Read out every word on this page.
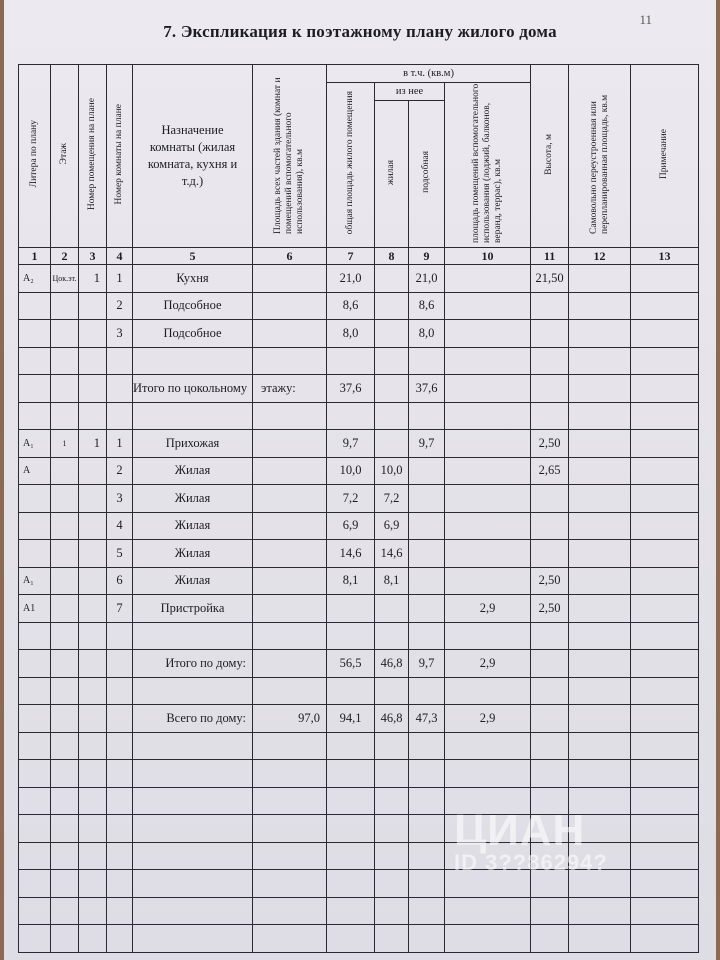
11
7. Экспликация к поэтажному плану жилого дома
Литера по плану	Этаж	Номер помещения на плане	Номер комнаты на плане	Назначение комнаты (жилая комната, кухня и т.д.)	Площадь всех частей здания (комнат и помещений вспомогательного использования), кв.м	в т.ч. (кв.м)				Высота, м	Самовольно переустроенная или перепланированная площадь, кв.м	Примечание
						общая площадь жилого помещения	из нее		площадь помещений вспомогательного использования (лоджий, балконов, веранд, террас), кв.м			
							жилая	подсобная				
1	2	3	4	5	6	7	8	9	10	11	12	13
А₂	Цок.эт.	1	1	Кухня		21,0		21,0		21,50		
			2	Подсобное		8,6		8,6				
			3	Подсобное		8,0		8,0				

				Итого по цокольному	этажу:	37,6		37,6				

А₁	1	1	1	Прихожая		9,7		9,7		2,50		
А			2	Жилая		10,0	10,0			2,65		
			3	Жилая		7,2	7,2					
			4	Жилая		6,9	6,9					
			5	Жилая		14,6	14,6					
А₁			6	Жилая		8,1	8,1			2,50		
А1			7	Пристройка					2,9	2,50		

				Итого по дому:		56,5	46,8	9,7	2,9			

				Всего по дому:	97,0	94,1	46,8	47,3	2,9			

ЦИАН
ID 3??86294?
